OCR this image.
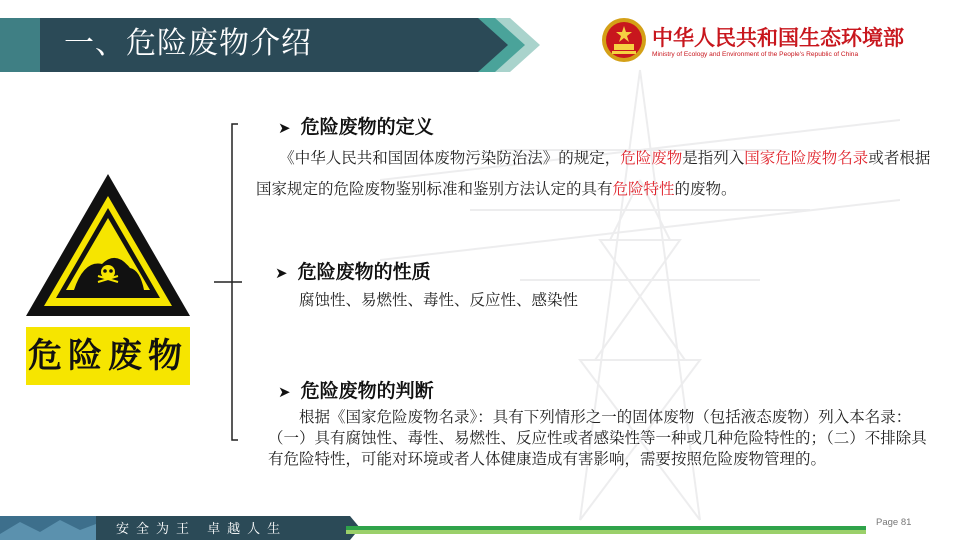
一、危险废物介绍	中华人民共和国生态环境部
Ministry of Ecology and Environment of the People's Republic of China
危险废物
➤ 危险废物的定义
  《中华人民共和国固体废物污染防治法》的规定，危险废物是指列入国家危险废物名录或者根据国家规定的危险废物鉴别标准和鉴别方法认定的具有危险特性的废物。
➤ 危险废物的性质
腐蚀性、易燃性、毒性、反应性、感染性
➤ 危险废物的判断
  根据《国家危险废物名录》：具有下列情形之一的固体废物（包括液态废物）列入本名录：（一）具有腐蚀性、毒性、易燃性、反应性或者感染性等一种或几种危险特性的；（二）不排除具有危险特性，可能对环境或者人体健康造成有害影响，需要按照危险废物管理的。
安全为王 卓越人生	Page 81
